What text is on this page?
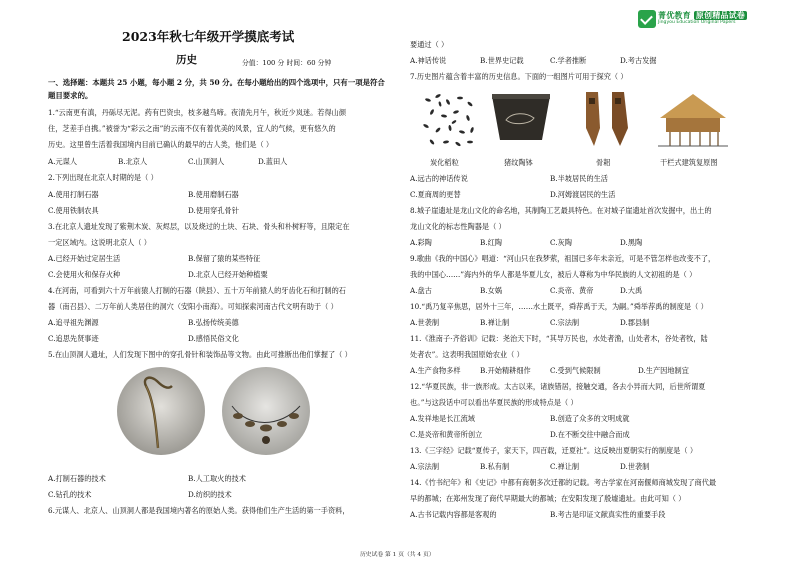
菁优教育 原创精品试卷
Jingyou Education Original Papers
2023年秋七年级开学摸底考试
历史	分值：100 分 时间：60 分钟
一、选择题：本题共 25 小题，每小题 2 分，共 50 分。在每小题给出的四个选项中，只有一项是符合题目要求的。
1.“云南更有滇，丹砾尽无泥。药有巴资虫，枝多越鸟啼。夜清先月午，秋近少岚迷。若得山颜
住，芝差手自携。”被誉为“彩云之南”的云南不仅有着优美的风景，宜人的气候，更有悠久的
历史。这里曾生活着我国境内目前已确认的最早的古人类，他们是（ ）
A.元谋人	B.北京人	C.山顶洞人	D.蓝田人
2.下列出现在北京人时期的是（ ）
A.使用打制石器	B.使用磨制石器
C.使用铁制农具	D.使用穿孔骨针
3.在北京人遗址发现了紫荆木炭、灰烬层，以及烧过的土块、石块、骨头和朴树籽等，且限定在
一定区域内。这说明北京人（ ）
A.已经开始过定居生活	B.保留了猿的某些特征
C.会使用火和保存火种	D.北京人已经开始种植粟
4.在河南，可看到六十万年前猿人打制的石器（陕县）、五十万年前猿人的牙齿化石和打制的石
器（南召县）、二万年前人类居住的洞穴（安阳小南海）。可知探索河南古代文明有助于（ ）
A.追寻祖先渊源	B.弘扬传统美德
C.追思先贤事迹	D.感悟民俗文化
5.在山顶洞人遗址，人们发现下图中的穿孔骨针和装饰品等文物。由此可推断出他们掌握了（ ）
A.打制石器的技术	B.人工取火的技术
C.钻孔的技术	D.纺织的技术
6.元谋人、北京人、山顶洞人都是我国境内著名的原始人类。获得他们生产生活的第一手资料，
要通过（ ）
A.神话传说	B.世界史记载	C.学者推断	D.考古发掘
7.历史图片蕴含着丰富的历史信息。下面的一组图片可用于探究（ ）
炭化稻粒	猪纹陶钵	骨耜	干栏式建筑复原图
A.远古的神话传说	B.半坡居民的生活
C.夏商周的更替	D.河姆渡居民的生活
8.城子崖遗址是龙山文化的命名地，其制陶工艺最具特色。在对城子崖遗址首次发掘中，出土的
龙山文化的标志性陶器是（ ）
A.彩陶	B.红陶	C.灰陶	D.黑陶
9.歌曲《我的中国心》唱道：“河山只在我梦萦，祖国已多年未亲近，可是不管怎样也改变不了，
我的中国心……”海内外的华人都是华夏儿女，被后人尊称为中华民族的人文初祖的是（ ）
A.盘古	B.女娲	C.炎帝、黄帝	D.大禹
10.“禹乃复辛焦思，居外十三年，……水土既平，舜荐禹于天，为嗣。”舜举荐禹的制度是（ ）
A.世袭制	B.禅让制	C.宗法制	D.郡县制
11.《淮南子·齐俗训》记载：尧治天下时，“其导万民也，水处者渔，山处者木，谷处者牧，陆
处者农”。这表明我国原始农业（ ）
A.生产食物多样	B.开始精耕细作	C.受到气候限制	D.生产因地制宜
12.“华夏民族，非一族形成。太古以来，诸族错居，接触交通，各去小异而大同，后世所谓夏
也。”与这段话中可以看出华夏民族的形成特点是（ ）
A.发祥地是长江流域	B.创造了众多的文明成就
C.是炎帝和黄帝所创立	D.在不断交往中融合而成
13.《三字经》记载“夏传子，家天下，四百载，迁夏社”。这反映出夏朝实行的制度是（ ）
A.宗法制	B.私有制	C.禅让制	D.世袭制
14.《竹书纪年》和《史记》中都有商朝多次迁都的记载。考古学家在河南偃师商城发现了商代最
早的都城；在郑州发现了商代早期最大的都城；在安阳发现了殷墟遗址。由此可知（ ）
A.古书记载内容都是客观的	B.考古是印证文献真实性的重要手段
历史试卷 第 1 页（共 4 页）
